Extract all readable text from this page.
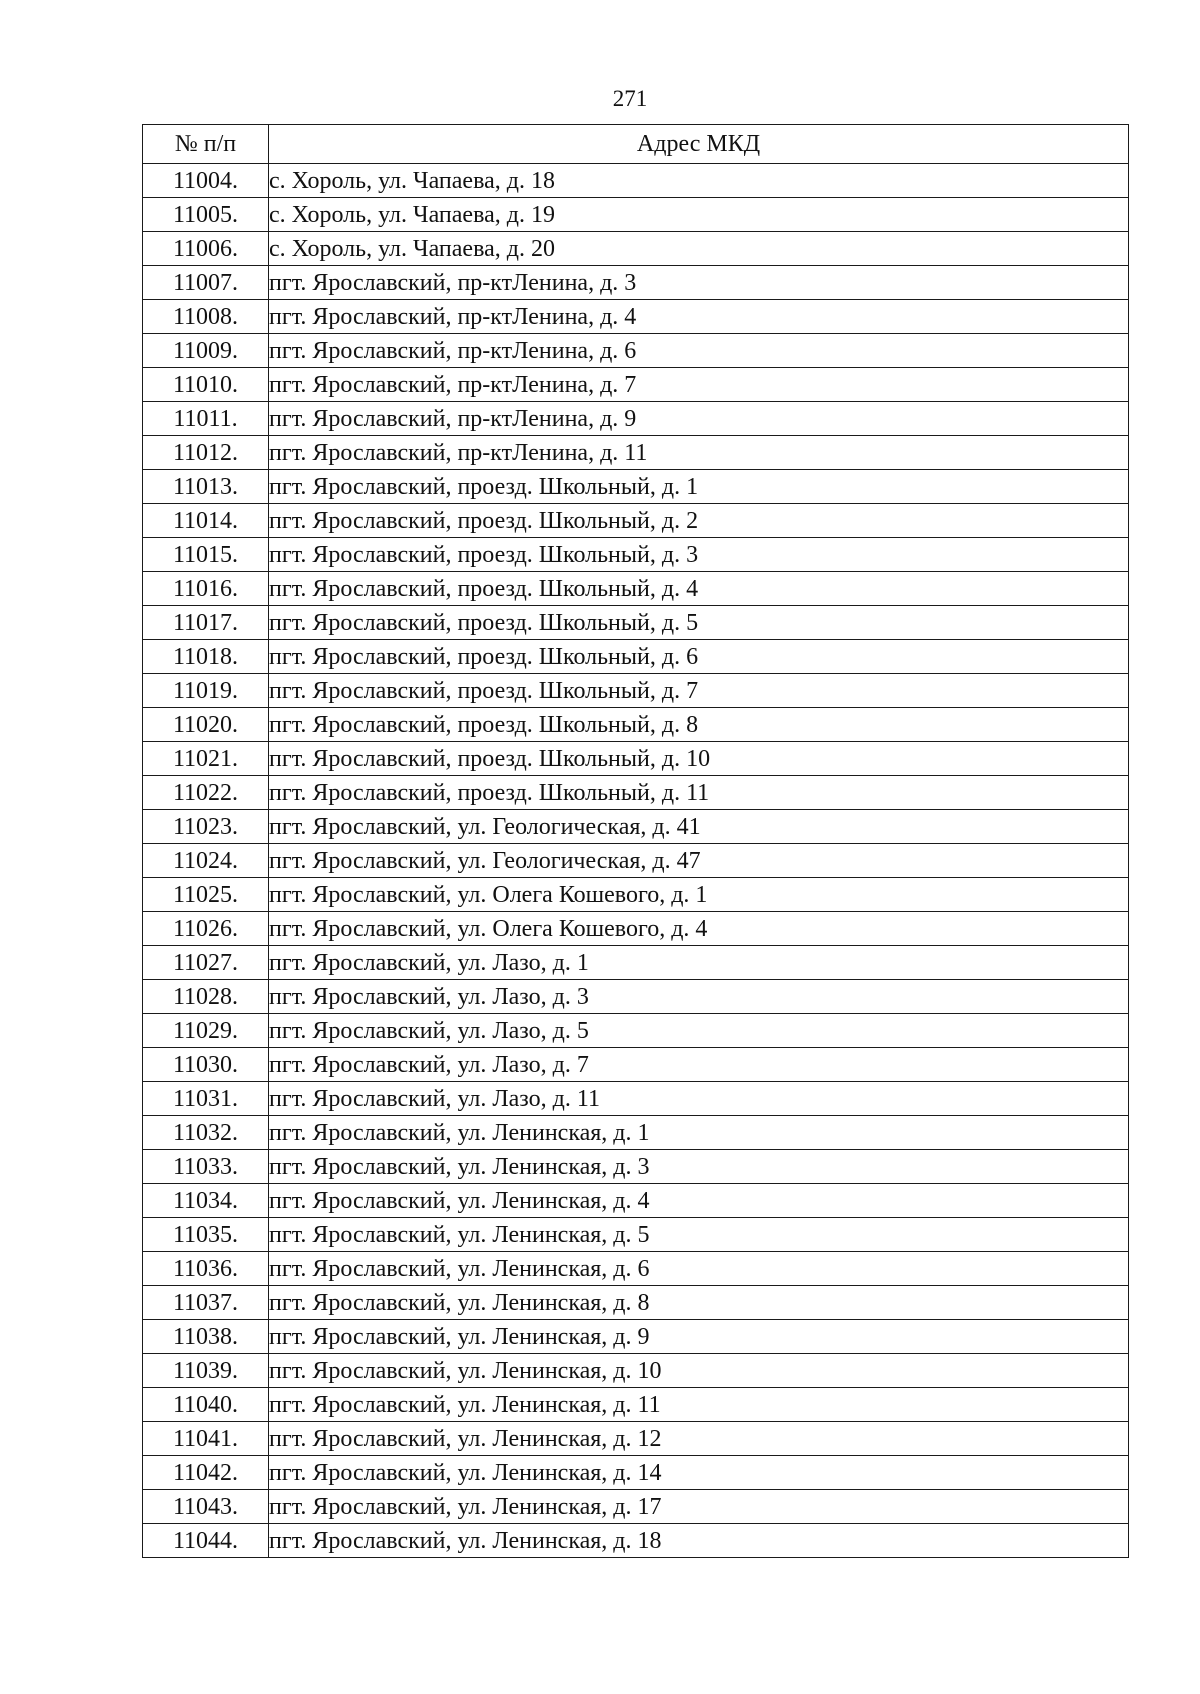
271
№ п/п	Адрес МКД
11004.	с. Хороль, ул. Чапаева, д. 18
11005.	с. Хороль, ул. Чапаева, д. 19
11006.	с. Хороль, ул. Чапаева, д. 20
11007.	пгт. Ярославский, пр-ктЛенина, д. 3
11008.	пгт. Ярославский, пр-ктЛенина, д. 4
11009.	пгт. Ярославский, пр-ктЛенина, д. 6
11010.	пгт. Ярославский, пр-ктЛенина, д. 7
11011.	пгт. Ярославский, пр-ктЛенина, д. 9
11012.	пгт. Ярославский, пр-ктЛенина, д. 11
11013.	пгт. Ярославский, проезд. Школьный, д. 1
11014.	пгт. Ярославский, проезд. Школьный, д. 2
11015.	пгт. Ярославский, проезд. Школьный, д. 3
11016.	пгт. Ярославский, проезд. Школьный, д. 4
11017.	пгт. Ярославский, проезд. Школьный, д. 5
11018.	пгт. Ярославский, проезд. Школьный, д. 6
11019.	пгт. Ярославский, проезд. Школьный, д. 7
11020.	пгт. Ярославский, проезд. Школьный, д. 8
11021.	пгт. Ярославский, проезд. Школьный, д. 10
11022.	пгт. Ярославский, проезд. Школьный, д. 11
11023.	пгт. Ярославский, ул. Геологическая, д. 41
11024.	пгт. Ярославский, ул. Геологическая, д. 47
11025.	пгт. Ярославский, ул. Олега Кошевого, д. 1
11026.	пгт. Ярославский, ул. Олега Кошевого, д. 4
11027.	пгт. Ярославский, ул. Лазо, д. 1
11028.	пгт. Ярославский, ул. Лазо, д. 3
11029.	пгт. Ярославский, ул. Лазо, д. 5
11030.	пгт. Ярославский, ул. Лазо, д. 7
11031.	пгт. Ярославский, ул. Лазо, д. 11
11032.	пгт. Ярославский, ул. Ленинская, д. 1
11033.	пгт. Ярославский, ул. Ленинская, д. 3
11034.	пгт. Ярославский, ул. Ленинская, д. 4
11035.	пгт. Ярославский, ул. Ленинская, д. 5
11036.	пгт. Ярославский, ул. Ленинская, д. 6
11037.	пгт. Ярославский, ул. Ленинская, д. 8
11038.	пгт. Ярославский, ул. Ленинская, д. 9
11039.	пгт. Ярославский, ул. Ленинская, д. 10
11040.	пгт. Ярославский, ул. Ленинская, д. 11
11041.	пгт. Ярославский, ул. Ленинская, д. 12
11042.	пгт. Ярославский, ул. Ленинская, д. 14
11043.	пгт. Ярославский, ул. Ленинская, д. 17
11044.	пгт. Ярославский, ул. Ленинская, д. 18
